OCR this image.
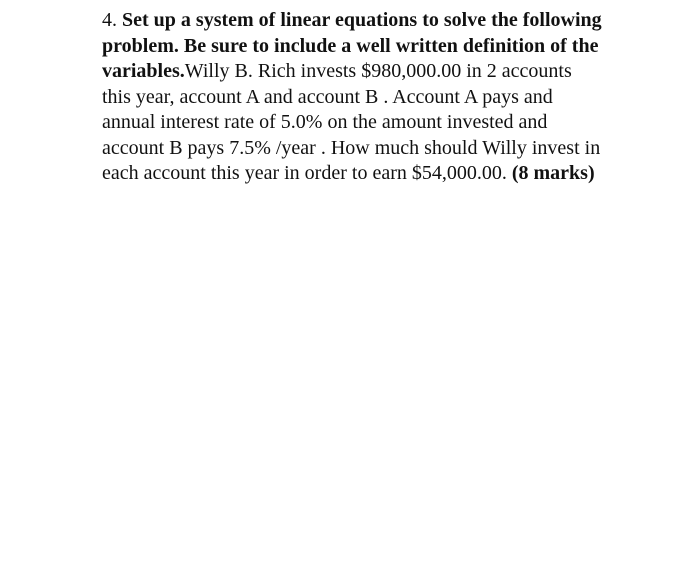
4. Set up a system of linear equations to solve the following problem. Be sure to include a well written definition of the variables.Willy B. Rich invests $980,000.00 in 2 accounts this year, account A and account B . Account A pays and annual interest rate of 5.0% on the amount invested and account B pays 7.5% /year . How much should Willy invest in each account this year in order to earn $54,000.00. (8 marks)
